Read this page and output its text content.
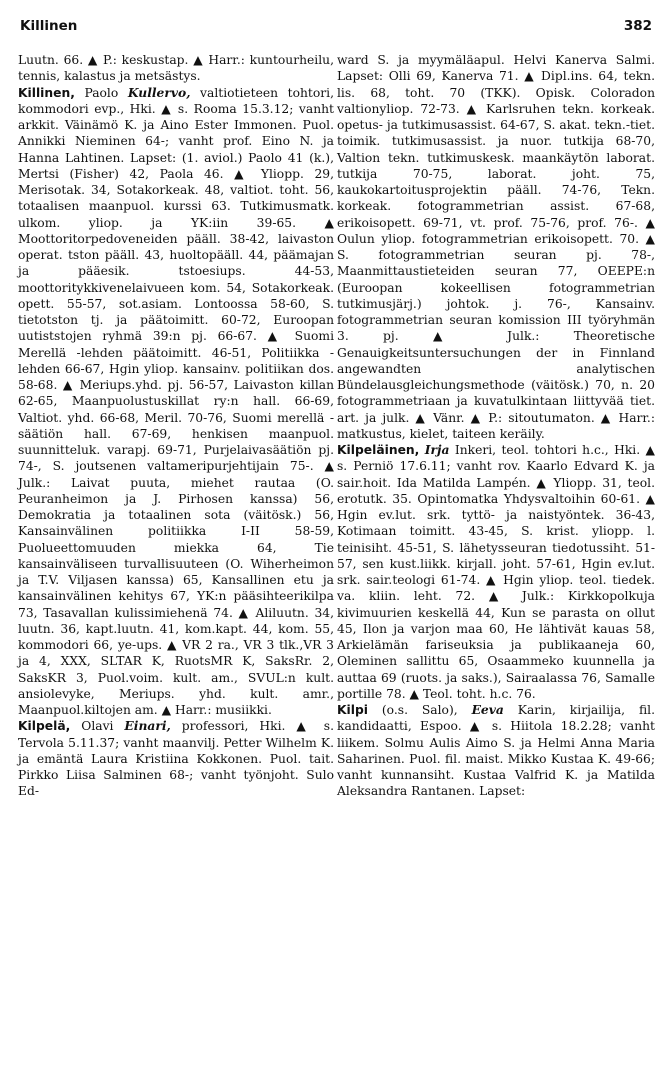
Killinen	382

Luutn. 66. ▲ P.: keskustap. ▲ Harr.: kuntourheilu, tennis, kalastus ja metsästys.

Killinen, Paolo Kullervo, valtiotieteen tohtori, kommodori evp., Hki. ▲ s. Rooma 15.3.12; vanht arkkit. Väinämö K. ja Aino Ester Immonen. Puol. Annikki Nieminen 64-; vanht prof. Eino N. ja Hanna Lahtinen. Lapset: (1. aviol.) Paolo 41 (k.), Mertsi (Fisher) 42, Paola 46. ▲ Yliopp. 29, Merisotak. 34, Sotakorkeak. 48, valtiot. toht. 56, totaalisen maanpuol. kurssi 63. Tutkimusmatk. ulkom. yliop. ja YK:iin 39-65. ▲ Moottoritorpedoveneiden pääll. 38-42, laivaston operat. tston pääll. 43, huoltopääll. 44, päämajan ja pääesik. tstoesiups. 44-53, moottoritykkivenelaivueen kom. 54, Sotakorkeak. opett. 55-57, sot.asiam. Lontoossa 58-60, S. tietotston tj. ja päätoimitt. 60-72, Euroopan uutiststojen ryhmä 39:n pj. 66-67. ▲ Suomi Merellä -lehden päätoimitt. 46-51, Politiikka -lehden 66-67, Hgin yliop. kansainv. politiikan dos. 58-68. ▲ Meriups.yhd. pj. 56-57, Laivaston killan 62-65, Maanpuolustuskillat ry:n hall. 66-69, Valtiot. yhd. 66-68, Meril. 70-76, Suomi merellä -säätiön hall. 67-69, henkisen maanpuol. suunnitteluk. varapj. 69-71, Purjelaivasäätiön pj. 74-, S. joutsenen valtameripurjehtijain 75-. ▲ Julk.: Laivat puuta, miehet rautaa (O. Peuranheimon ja J. Pirhosen kanssa) 56, Demokratia ja totaalinen sota (väitösk.) 56, Kansainvälinen politiikka I-II 58-59, Puolueettomuuden miekka 64, Tie kansainväliseen turvallisuuteen (O. Wiherheimon ja T.V. Viljasen kanssa) 65, Kansallinen etu ja kansainvälinen kehitys 67, YK:n pääsihteerikilpa 73, Tasavallan kulissimiehenä 74. ▲ Aliluutn. 34, luutn. 36, kapt.luutn. 41, kom.kapt. 44, kom. 55, kommodori 66, ye-ups. ▲ VR 2 ra., VR 3 tlk.,VR 3 ja 4, XXX, SLTAR K, RuotsMR K, SaksRr. 2, SaksKR 3, Puol.voim. kult. am., SVUL:n kult. ansiolevyke, Meriups. yhd. kult. amr., Maanpuol.kiltojen am. ▲ Harr.: musiikki.

Kilpelä, Olavi Einari, professori, Hki. ▲ s. Tervola 5.11.37; vanht maanvilj. Petter Wilhelm K. ja emäntä Laura Kristiina Kokkonen. Puol. tait. Pirkko Liisa Salminen 68-; vanht työnjoht. Sulo Ed-

ward S. ja myymäläapul. Helvi Kanerva Salmi. Lapset: Olli 69, Kanerva 71. ▲ Dipl.ins. 64, tekn. lis. 68, toht. 70 (TKK). Opisk. Coloradon valtionyliop. 72-73. ▲ Karlsruhen tekn. korkeak. opetus- ja tutkimusassist. 64-67, S. akat. tekn.-tiet. toimik. tutkimusassist. ja nuor. tutkija 68-70, Valtion tekn. tutkimuskesk. maankäytön laborat. tutkija 70-75, laborat. joht. 75, kaukokartoitusprojektin pääll. 74-76, Tekn. korkeak. fotogrammetrian assist. 67-68, erikoisopett. 69-71, vt. prof. 75-76, prof. 76-. ▲ Oulun yliop. fotogrammetrian erikoisopett. 70. ▲ S. fotogrammetrian seuran pj. 78-, Maanmittaustieteiden seuran 77, OEEPE:n (Euroopan kokeellisen fotogrammetrian tutkimusjärj.) johtok. j. 76-, Kansainv. fotogrammetrian seuran komission III työryhmän 3. pj. ▲ Julk.: Theoretische Genauigkeitsuntersuchungen der in Finnland angewandten analytischen Bündelausgleichungsmethode (väitösk.) 70, n. 20 fotogrammetriaan ja kuvatulkintaan liittyvää tiet. art. ja julk. ▲ Vänr. ▲ P.: sitoutumaton. ▲ Harr.: matkustus, kielet, taiteen keräily.

Kilpeläinen, Irja Inkeri, teol. tohtori h.c., Hki. ▲ s. Perniö 17.6.11; vanht rov. Kaarlo Edvard K. ja sair.hoit. Ida Matilda Lampén. ▲ Yliopp. 31, teol. erotutk. 35. Opintomatka Yhdysvaltoihin 60-61. ▲ Hgin ev.lut. srk. tyttö- ja naistyöntek. 36-43, Kotimaan toimitt. 43-45, S. krist. yliopp. l. teinisiht. 45-51, S. lähetysseuran tiedotussiht. 51-57, sen kust.liikk. kirjall. joht. 57-61, Hgin ev.lut. srk. sair.teologi 61-74. ▲ Hgin yliop. teol. tiedek. va. kliin. leht. 72. ▲ Julk.: Kirkkopolkuja kivimuurien keskellä 44, Kun se parasta on ollut 45, Ilon ja varjon maa 60, He lähtivät kauas 58, Arkielämän fariseuksia ja publikaaneja 60, Oleminen sallittu 65, Osaammeko kuunnella ja auttaa 69 (ruots. ja saks.), Sairaalassa 76, Samalle portille 78. ▲ Teol. toht. h.c. 76.

Kilpi (o.s. Salo), Eeva Karin, kirjailija, fil. kandidaatti, Espoo. ▲ s. Hiitola 18.2.28; vanht liikem. Solmu Aulis Aimo S. ja Helmi Anna Maria Saharinen. Puol. fil. maist. Mikko Kustaa K. 49-66; vanht kunnansiht. Kustaa Valfrid K. ja Matilda Aleksandra Rantanen. Lapset:
